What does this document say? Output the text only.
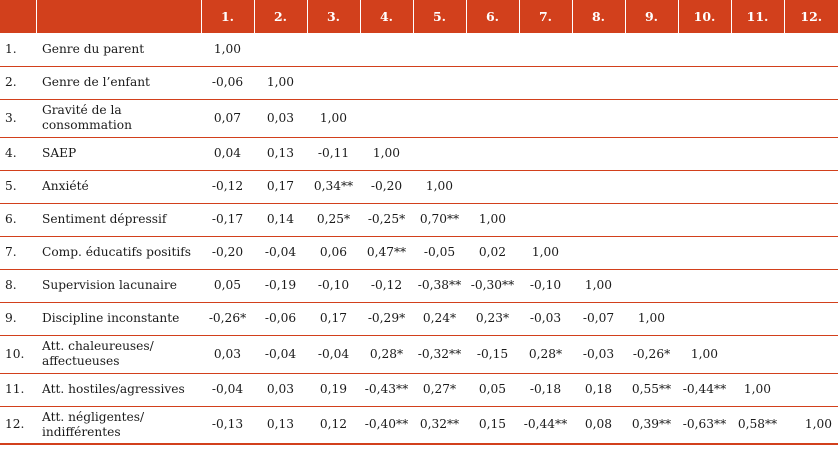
		1.	2.	3.	4.	5.	6.	7.	8.	9.	10.	11.	12.
1.	Genre du parent	1,00											
2.	Genre de l’enfant	-0,06	1,00										
3.	Gravité de la consommation	0,07	0,03	1,00									
4.	SAEP	0,04	0,13	-0,11	1,00								
5.	Anxiété	-0,12	0,17	0,34**	-0,20	1,00							
6.	Sentiment dépressif	-0,17	0,14	0,25*	-0,25*	0,70**	1,00						
7.	Comp. éducatifs positifs	-0,20	-0,04	0,06	0,47**	-0,05	0,02	1,00					
8.	Supervision lacunaire	0,05	-0,19	-0,10	-0,12	-0,38**	-0,30**	-0,10	1,00				
9.	Discipline inconstante	-0,26*	-0,06	0,17	-0,29*	0,24*	0,23*	-0,03	-0,07	1,00			
10.	Att. chaleureuses/ affectueuses	0,03	-0,04	-0,04	0,28*	-0,32**	-0,15	0,28*	-0,03	-0,26*	1,00		
11.	Att. hostiles/agressives	-0,04	0,03	0,19	-0,43**	0,27*	0,05	-0,18	0,18	0,55**	-0,44**	1,00	
12.	Att. négligentes/ indifférentes	-0,13	0,13	0,12	-0,40**	0,32**	0,15	-0,44**	0,08	0,39**	-0,63**	0,58**	1,00
